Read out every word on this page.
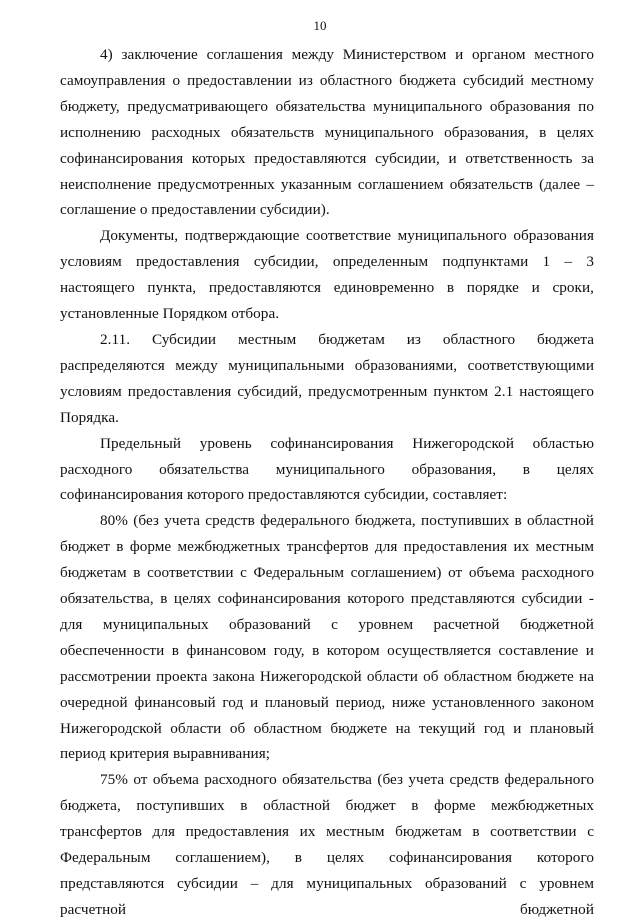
10

4) заключение соглашения между Министерством и органом местного самоуправления о предоставлении из областного бюджета субсидий местному бюджету, предусматривающего обязательства муниципального образования по исполнению расходных обязательств муниципального образования, в целях софинансирования которых предоставляются субсидии, и ответственность за неисполнение предусмотренных указанным соглашением обязательств (далее – соглашение о предоставлении субсидии).

Документы, подтверждающие соответствие муниципального образования условиям предоставления субсидии, определенным подпунктами 1 – 3 настоящего пункта, предоставляются единовременно в порядке и сроки, установленные Порядком отбора.

2.11. Субсидии местным бюджетам из областного бюджета распределяются между муниципальными образованиями, соответствующими условиям предоставления субсидий, предусмотренным пунктом 2.1 настоящего Порядка.

Предельный уровень софинансирования Нижегородской областью расходного обязательства муниципального образования, в целях софинансирования которого предоставляются субсидии, составляет:

80% (без учета средств федерального бюджета, поступивших в областной бюджет в форме межбюджетных трансфертов для предоставления их местным бюджетам в соответствии с Федеральным соглашением) от объема расходного обязательства, в целях софинансирования которого представляются субсидии - для муниципальных образований с уровнем расчетной бюджетной обеспеченности в финансовом году, в котором осуществляется составление и рассмотрении проекта закона Нижегородской области об областном бюджете на очередной финансовый год и плановый период, ниже установленного законом Нижегородской области об областном бюджете на текущий год и плановый период критерия выравнивания;

75% от объема расходного обязательства (без учета средств федерального бюджета, поступивших в областной бюджет в форме межбюджетных трансфертов для предоставления их местным бюджетам в соответствии с Федеральным соглашением), в целях софинансирования которого представляются субсидии – для муниципальных образований с уровнем расчетной бюджетной
